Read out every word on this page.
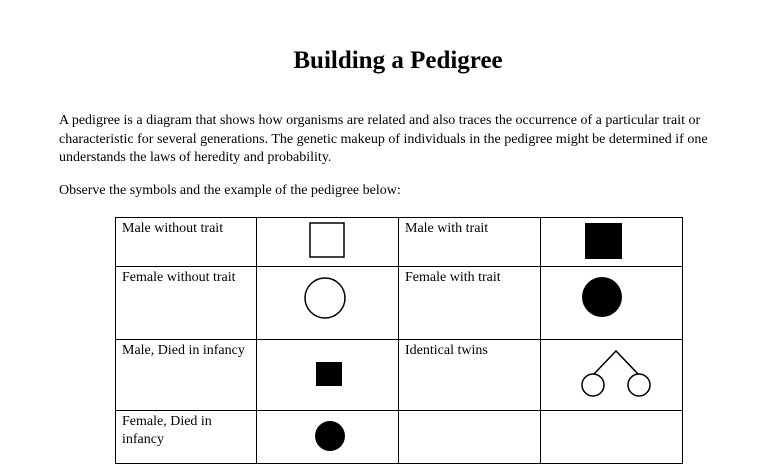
Building a Pedigree
A pedigree is a diagram that shows how organisms are related and also traces the occurrence of a particular trait or characteristic for several generations. The genetic makeup of individuals in the pedigree might be determined if one understands the laws of heredity and probability.
Observe the symbols and the example of the pedigree below:
Male without trait		Male with trait	

Female without trait		Female with trait	

Male, Died in infancy		Identical twins	

Female, Died in infancy	
